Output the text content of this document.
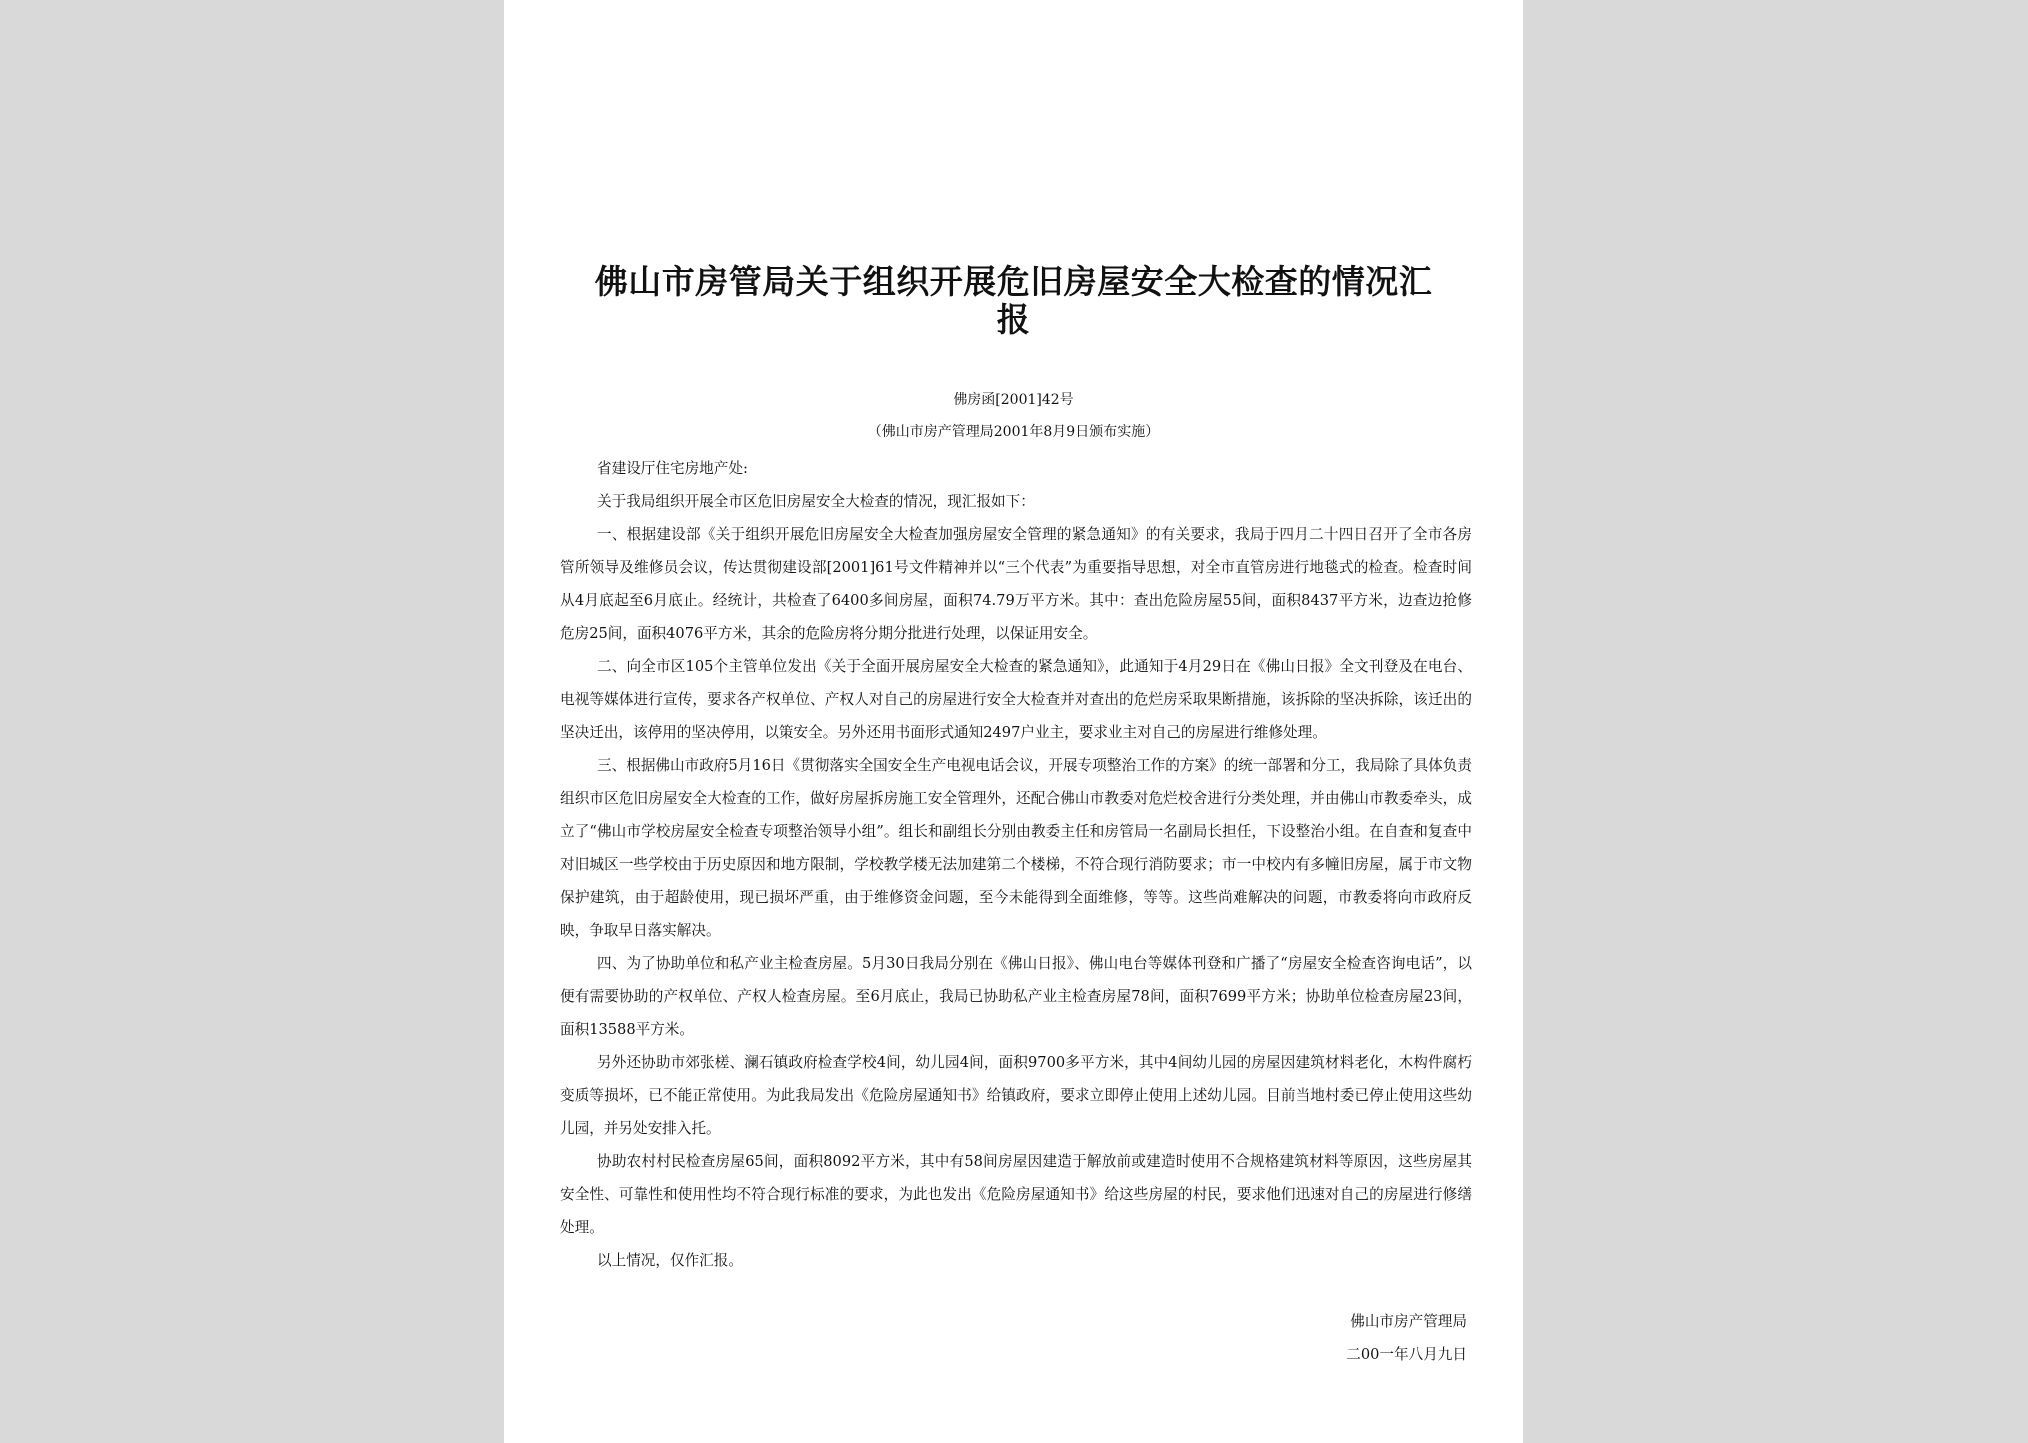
佛山市房管局关于组织开展危旧房屋安全大检查的情况汇报
佛房函[2001]42号
（佛山市房产管理局2001年8月9日颁布实施）

省建设厅住宅房地产处:

关于我局组织开展全市区危旧房屋安全大检查的情况，现汇报如下：

一、根据建设部《关于组织开展危旧房屋安全大检查加强房屋安全管理的紧急通知》的有关要求，我局于四月二十四日召开了全市各房管所领导及维修员会议，传达贯彻建设部[2001]61号文件精神并以“三个代表”为重要指导思想，对全市直管房进行地毯式的检查。检查时间从4月底起至6月底止。经统计，共检查了6400多间房屋，面积74.79万平方米。其中：查出危险房屋55间，面积8437平方米，边查边抢修危房25间，面积4076平方米，其余的危险房将分期分批进行处理，以保证用安全。

二、向全市区105个主管单位发出《关于全面开展房屋安全大检查的紧急通知》，此通知于4月29日在《佛山日报》全文刊登及在电台、电视等媒体进行宣传，要求各产权单位、产权人对自己的房屋进行安全大检查并对查出的危烂房采取果断措施，该拆除的坚决拆除，该迁出的坚决迁出，该停用的坚决停用，以策安全。另外还用书面形式通知2497户业主，要求业主对自己的房屋进行维修处理。

三、根据佛山市政府5月16日《贯彻落实全国安全生产电视电话会议，开展专项整治工作的方案》的统一部署和分工，我局除了具体负责组织市区危旧房屋安全大检查的工作，做好房屋拆房施工安全管理外，还配合佛山市教委对危烂校舍进行分类处理，并由佛山市教委牵头，成立了“佛山市学校房屋安全检查专项整治领导小组”。组长和副组长分别由教委主任和房管局一名副局长担任，下设整治小组。在自查和复查中对旧城区一些学校由于历史原因和地方限制，学校教学楼无法加建第二个楼梯，不符合现行消防要求；市一中校内有多幢旧房屋，属于市文物保护建筑，由于超龄使用，现已损坏严重，由于维修资金问题，至今未能得到全面维修，等等。这些尚难解决的问题，市教委将向市政府反映，争取早日落实解决。

四、为了协助单位和私产业主检查房屋。5月30日我局分别在《佛山日报》、佛山电台等媒体刊登和广播了“房屋安全检查咨询电话”，以便有需要协助的产权单位、产权人检查房屋。至6月底止，我局已协助私产业主检查房屋78间，面积7699平方米；协助单位检查房屋23间，面积13588平方米。

另外还协助市郊张槎、澜石镇政府检查学校4间，幼儿园4间，面积9700多平方米，其中4间幼儿园的房屋因建筑材料老化，木构件腐朽变质等损坏，已不能正常使用。为此我局发出《危险房屋通知书》给镇政府，要求立即停止使用上述幼儿园。目前当地村委已停止使用这些幼儿园，并另处安排入托。

协助农村村民检查房屋65间，面积8092平方米，其中有58间房屋因建造于解放前或建造时使用不合规格建筑材料等原因，这些房屋其安全性、可靠性和使用性均不符合现行标准的要求，为此也发出《危险房屋通知书》给这些房屋的村民，要求他们迅速对自己的房屋进行修缮处理。

以上情况，仅作汇报。

佛山市房产管理局
二00一年八月九日
